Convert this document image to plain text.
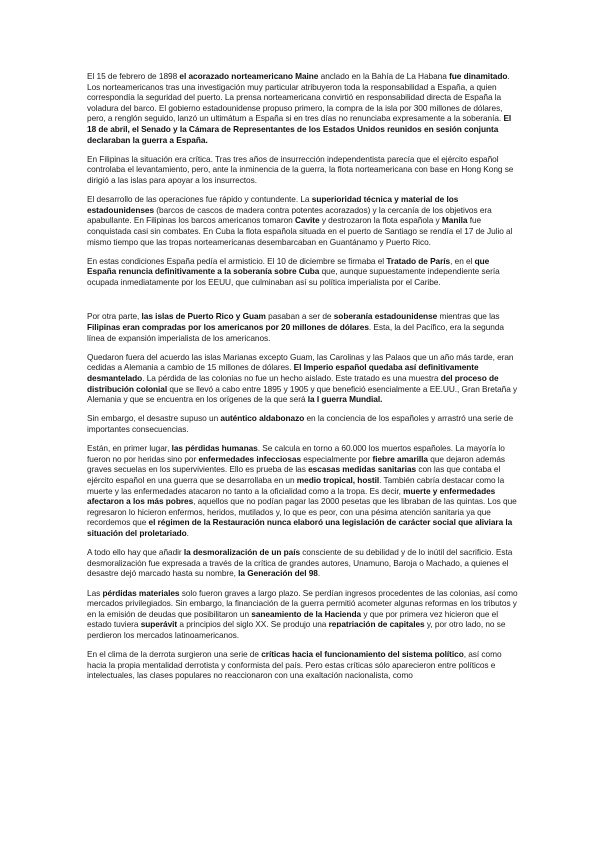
El 15 de febrero de 1898 el acorazado norteamericano Maine anclado en la Bahía de La Habana fue dinamitado. Los norteamericanos tras una investigación muy particular atribuyeron toda la responsabilidad a España, a quien correspondía la seguridad del puerto. La prensa norteamericana convirtió en responsabilidad directa de España la voladura del barco. El gobierno estadounidense propuso primero, la compra de la isla por 300 millones de dólares, pero, a renglón seguido, lanzó un ultimátum a España si en tres días no renunciaba expresamente a la soberanía. El 18 de abril, el Senado y la Cámara de Representantes de los Estados Unidos reunidos en sesión conjunta declaraban la guerra a España.

En Filipinas la situación era crítica. Tras tres años de insurrección independentista parecía que el ejército español controlaba el levantamiento, pero, ante la inminencia de la guerra, la flota norteamericana con base en Hong Kong se dirigió a las islas para apoyar a los insurrectos.

El desarrollo de las operaciones fue rápido y contundente. La superioridad técnica y material de los estadounidenses (barcos de cascos de madera contra potentes acorazados) y la cercanía de los objetivos era apabullante. En Filipinas los barcos americanos tomaron Cavite y destrozaron la flota española y Manila fue conquistada casi sin combates. En Cuba la flota española situada en el puerto de Santiago se rendía el 17 de Julio al mismo tiempo que las tropas norteamericanas desembarcaban en Guantánamo y Puerto Rico.

En estas condiciones España pedía el armisticio. El 10 de diciembre se firmaba el Tratado de París, en el que España renuncia definitivamente a la soberanía sobre Cuba que, aunque supuestamente independiente sería ocupada inmediatamente por los EEUU, que culminaban así su política imperialista por el Caribe.

Por otra parte, las islas de Puerto Rico y Guam pasaban a ser de soberanía estadounidense mientras que las Filipinas eran compradas por los americanos por 20 millones de dólares. Esta, la del Pacífico, era la segunda línea de expansión imperialista de los americanos.

Quedaron fuera del acuerdo las islas Marianas excepto Guam, las Carolinas y las Palaos que un año más tarde, eran cedidas a Alemania a cambio de 15 millones de dólares. El Imperio español quedaba así definitivamente desmantelado. La pérdida de las colonias no fue un hecho aislado. Este tratado es una muestra del proceso de distribución colonial que se llevó a cabo entre 1895 y 1905 y que benefició esencialmente a EE.UU., Gran Bretaña y Alemania y que se encuentra en los orígenes de la que será la I guerra Mundial.

Sin embargo, el desastre supuso un auténtico aldabonazo en la conciencia de los españoles y arrastró una serie de importantes consecuencias.

Están, en primer lugar, las pérdidas humanas. Se calcula en torno a 60.000 los muertos españoles. La mayoría lo fueron no por heridas sino por enfermedades infecciosas especialmente por fiebre amarilla que dejaron además graves secuelas en los supervivientes. Ello es prueba de las escasas medidas sanitarias con las que contaba el ejército español en una guerra que se desarrollaba en un medio tropical, hostil. También cabría destacar como la muerte y las enfermedades atacaron no tanto a la oficialidad como a la tropa. Es decir, muerte y enfermedades afectaron a los más pobres, aquellos que no podían pagar las 2000 pesetas que les libraban de las quintas. Los que regresaron lo hicieron enfermos, heridos, mutilados y, lo que es peor, con una pésima atención sanitaria ya que recordemos que el régimen de la Restauración nunca elaboró una legislación de carácter social que aliviara la situación del proletariado.

A todo ello hay que añadir la desmoralización de un país consciente de su debilidad y de lo inútil del sacrificio. Esta desmoralización fue expresada a través de la crítica de grandes autores, Unamuno, Baroja o Machado, a quienes el desastre dejó marcado hasta su nombre, la Generación del 98.

Las pérdidas materiales solo fueron graves a largo plazo. Se perdían ingresos procedentes de las colonias, así como mercados privilegiados. Sin embargo, la financiación de la guerra permitió acometer algunas reformas en los tributos y en la emisión de deudas que posibilitaron un saneamiento de la Hacienda y que por primera vez hicieron que el estado tuviera superávit a principios del siglo XX. Se produjo una repatriación de capitales y, por otro lado, no se perdieron los mercados latinoamericanos.

En el clima de la derrota surgieron una serie de críticas hacia el funcionamiento del sistema político, así como hacia la propia mentalidad derrotista y conformista del país. Pero estas críticas sólo aparecieron entre políticos e intelectuales, las clases populares no reaccionaron con una exaltación nacionalista, como
